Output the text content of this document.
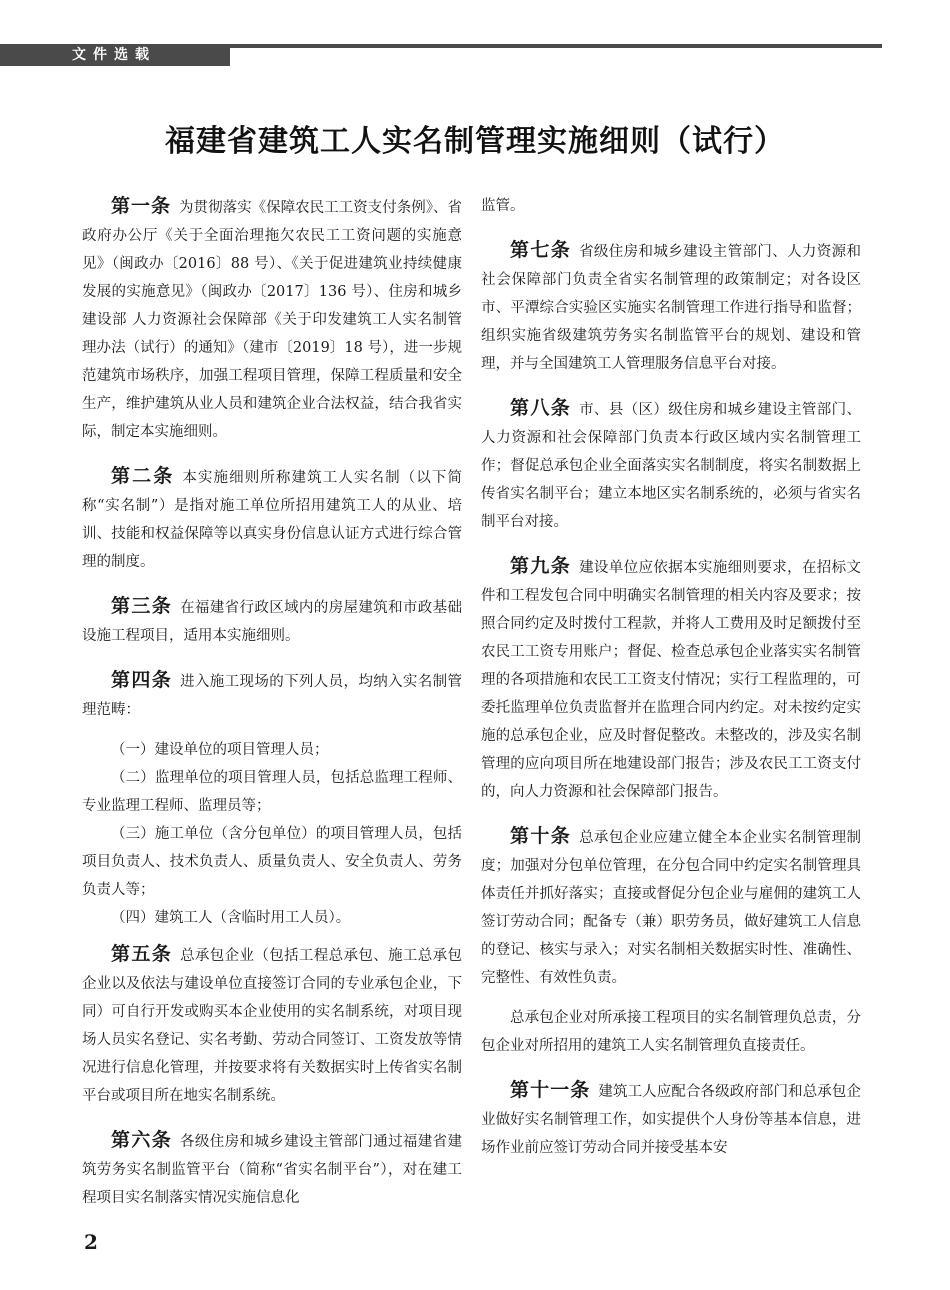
文件选载
福建省建筑工人实名制管理实施细则（试行）

第一条 为贯彻落实《保障农民工工资支付条例》、省政府办公厅《关于全面治理拖欠农民工工资问题的实施意见》（闽政办〔2016〕88 号）、《关于促进建筑业持续健康发展的实施意见》（闽政办〔2017〕136 号）、住房和城乡建设部 人力资源社会保障部《关于印发建筑工人实名制管理办法（试行）的通知》（建市〔2019〕18 号），进一步规范建筑市场秩序，加强工程项目管理，保障工程质量和安全生产，维护建筑从业人员和建筑企业合法权益，结合我省实际，制定本实施细则。

第二条 本实施细则所称建筑工人实名制（以下简称“实名制”）是指对施工单位所招用建筑工人的从业、培训、技能和权益保障等以真实身份信息认证方式进行综合管理的制度。

第三条 在福建省行政区域内的房屋建筑和市政基础设施工程项目，适用本实施细则。

第四条 进入施工现场的下列人员，均纳入实名制管理范畴：

（一）建设单位的项目管理人员；

（二）监理单位的项目管理人员，包括总监理工程师、专业监理工程师、监理员等；

（三）施工单位（含分包单位）的项目管理人员，包括项目负责人、技术负责人、质量负责人、安全负责人、劳务负责人等；

（四）建筑工人（含临时用工人员）。

第五条 总承包企业（包括工程总承包、施工总承包企业以及依法与建设单位直接签订合同的专业承包企业，下同）可自行开发或购买本企业使用的实名制系统，对项目现场人员实名登记、实名考勤、劳动合同签订、工资发放等情况进行信息化管理，并按要求将有关数据实时上传省实名制平台或项目所在地实名制系统。

第六条 各级住房和城乡建设主管部门通过福建省建筑劳务实名制监管平台（简称“省实名制平台”），对在建工程项目实名制落实情况实施信息化

监管。

第七条 省级住房和城乡建设主管部门、人力资源和社会保障部门负责全省实名制管理的政策制定；对各设区市、平潭综合实验区实施实名制管理工作进行指导和监督；组织实施省级建筑劳务实名制监管平台的规划、建设和管理，并与全国建筑工人管理服务信息平台对接。

第八条 市、县（区）级住房和城乡建设主管部门、人力资源和社会保障部门负责本行政区域内实名制管理工作；督促总承包企业全面落实实名制制度，将实名制数据上传省实名制平台；建立本地区实名制系统的，必须与省实名制平台对接。

第九条 建设单位应依据本实施细则要求，在招标文件和工程发包合同中明确实名制管理的相关内容及要求；按照合同约定及时拨付工程款，并将人工费用及时足额拨付至农民工工资专用账户；督促、检查总承包企业落实实名制管理的各项措施和农民工工资支付情况；实行工程监理的，可委托监理单位负责监督并在监理合同内约定。对未按约定实施的总承包企业，应及时督促整改。未整改的，涉及实名制管理的应向项目所在地建设部门报告；涉及农民工工资支付的，向人力资源和社会保障部门报告。

第十条 总承包企业应建立健全本企业实名制管理制度；加强对分包单位管理，在分包合同中约定实名制管理具体责任并抓好落实；直接或督促分包企业与雇佣的建筑工人签订劳动合同；配备专（兼）职劳务员，做好建筑工人信息的登记、核实与录入；对实名制相关数据实时性、准确性、完整性、有效性负责。

总承包企业对所承接工程项目的实名制管理负总责，分包企业对所招用的建筑工人实名制管理负直接责任。

第十一条 建筑工人应配合各级政府部门和总承包企业做好实名制管理工作，如实提供个人身份等基本信息，进场作业前应签订劳动合同并接受基本安

2
